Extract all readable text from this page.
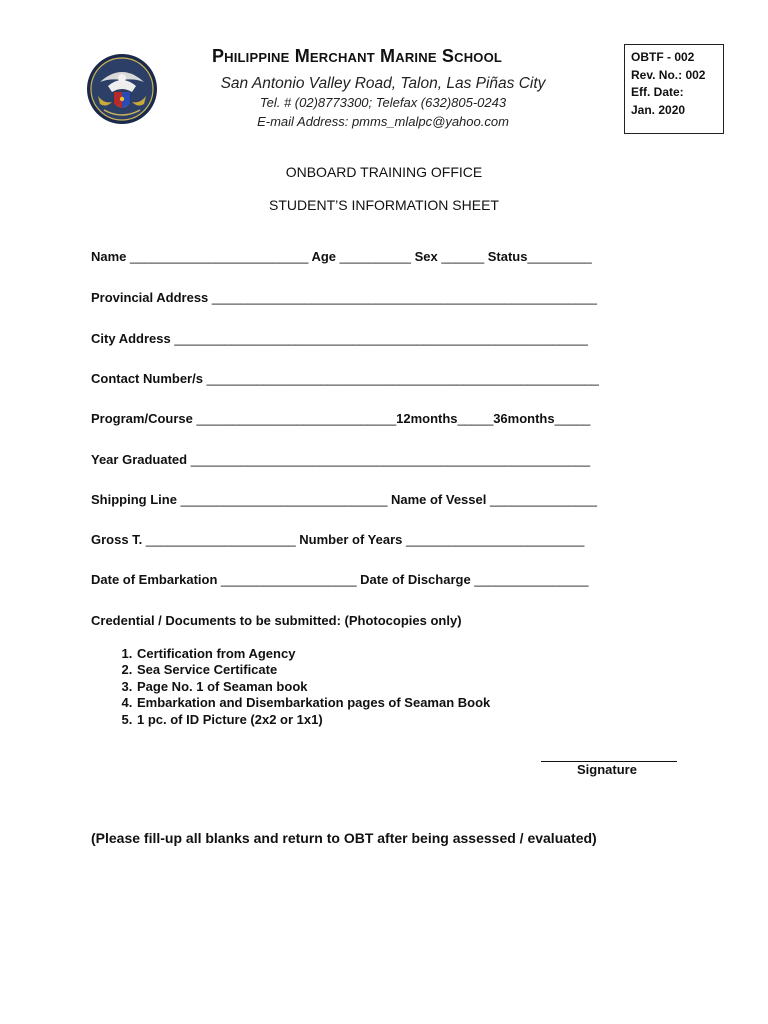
Philippine Merchant Marine School
San Antonio Valley Road, Talon, Las Piñas City
Tel. # (02)8773300; Telefax (632)805-0243
E-mail Address: pmms_mlalpc@yahoo.com
OBTF - 002
Rev. No.: 002
Eff. Date:
Jan. 2020
ONBOARD TRAINING OFFICE
STUDENT’S INFORMATION SHEET
Name _________________________ Age __________ Sex ______ Status_________
Provincial Address ______________________________________________________
City Address __________________________________________________________
Contact Number/s _______________________________________________________
Program/Course ____________________________12months_____36months_____
Year Graduated ________________________________________________________
Shipping Line _____________________________ Name of Vessel _______________
Gross T. _____________________ Number of Years _________________________
Date of Embarkation ___________________ Date of Discharge ________________
Credential / Documents to be submitted: (Photocopies only)
1. Certification from Agency
2. Sea Service Certificate
3. Page No. 1 of Seaman book
4. Embarkation and Disembarkation pages of Seaman Book
5. 1 pc. of ID Picture (2x2 or 1x1)
Signature
(Please fill-up all blanks and return to OBT after being assessed / evaluated)
